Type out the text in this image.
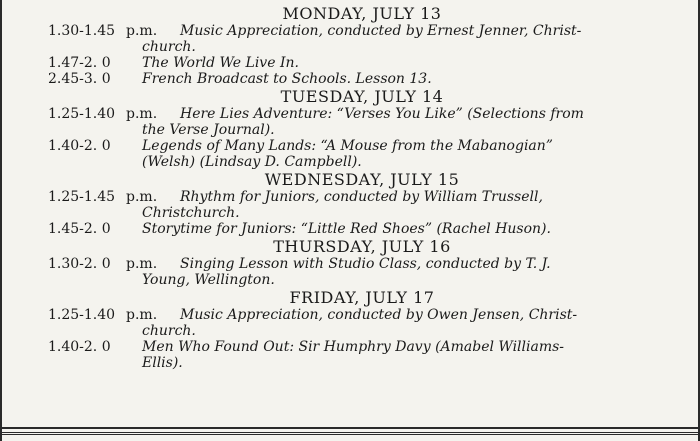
MONDAY, JULY 13
1.30-1.45 p.m.	Music Appreciation, conducted by Ernest Jenner, Christ-
church.
1.47-2. 0 The World We Live In.
2.45-3. 0 French Broadcast to Schools. Lesson 13.
TUESDAY, JULY 14
1.25-1.40 p.m.	Here Lies Adventure: “Verses You Like” (Selections from
the Verse Journal).
1.40-2. 0 Legends of Many Lands: “A Mouse from the Mabanogian”
(Welsh) (Lindsay D. Campbell).
WEDNESDAY, JULY 15
1.25-1.45 p.m.	Rhythm for Juniors, conducted by William Trussell,
Christchurch.
1.45-2. 0 Storytime for Juniors: “Little Red Shoes” (Rachel Huson).
THURSDAY, JULY 16
1.30-2. 0 p.m.	Singing Lesson with Studio Class, conducted by T. J.
Young, Wellington.
FRIDAY, JULY 17
1.25-1.40 p.m.	Music Appreciation, conducted by Owen Jensen, Christ-
church.
1.40-2. 0 Men Who Found Out: Sir Humphry Davy (Amabel Williams-
Ellis).
